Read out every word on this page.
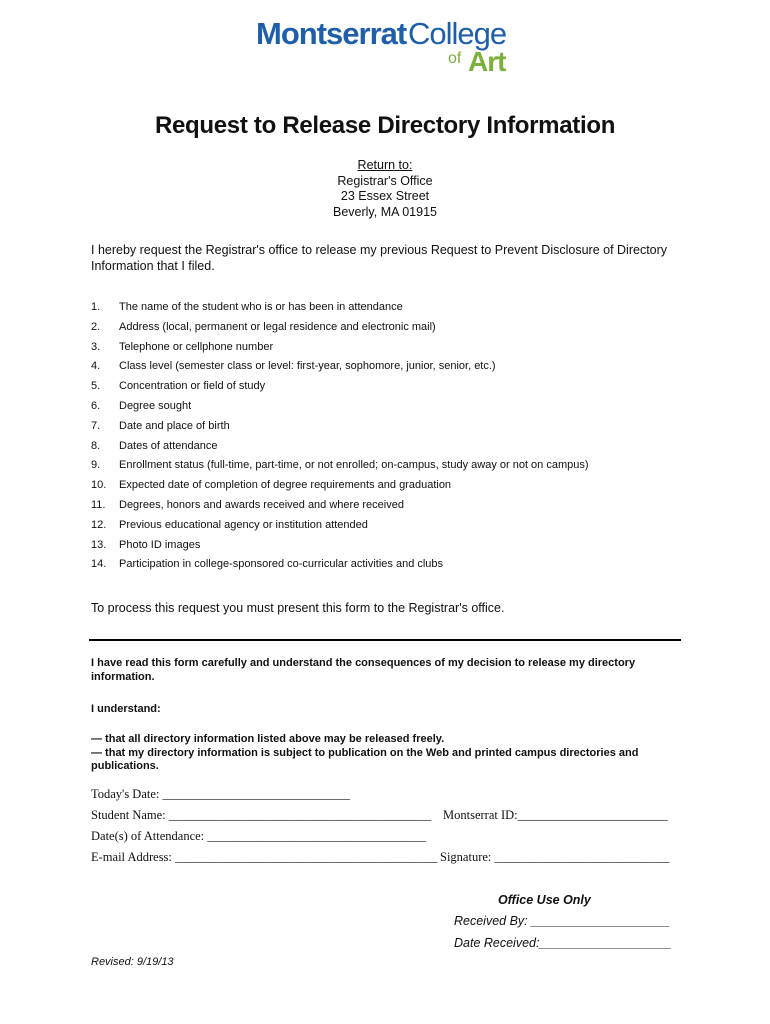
Montserrat College
of Art
Request to Release Directory Information
Return to:
Registrar's Office
23 Essex Street
Beverly, MA 01915
I hereby request the Registrar's office to release my previous Request to Prevent Disclosure of Directory Information that I filed.
1. The name of the student who is or has been in attendance
2. Address (local, permanent or legal residence and electronic mail)
3. Telephone or cellphone number
4. Class level (semester class or level: first-year, sophomore, junior, senior, etc.)
5. Concentration or field of study
6. Degree sought
7. Date and place of birth
8. Dates of attendance
9. Enrollment status (full-time, part-time, or not enrolled; on-campus, study away or not on campus)
10. Expected date of completion of degree requirements and graduation
11. Degrees, honors and awards received and where received
12. Previous educational agency or institution attended
13. Photo ID images
14. Participation in college-sponsored co-curricular activities and clubs
To process this request you must present this form to the Registrar's office.
I have read this form carefully and understand the consequences of my decision to release my directory information.
I understand:
— that all directory information listed above may be released freely.
— that my directory information is subject to publication on the Web and printed campus directories and publications.
Today's Date: ______________________________
Student Name: __________________________________________ Montserrat ID:________________________
Date(s) of Attendance: ___________________________________
E-mail Address: __________________________________________ Signature: ____________________________
Office Use Only
Received By: ____________________
Date Received:___________________
Revised: 9/19/13
